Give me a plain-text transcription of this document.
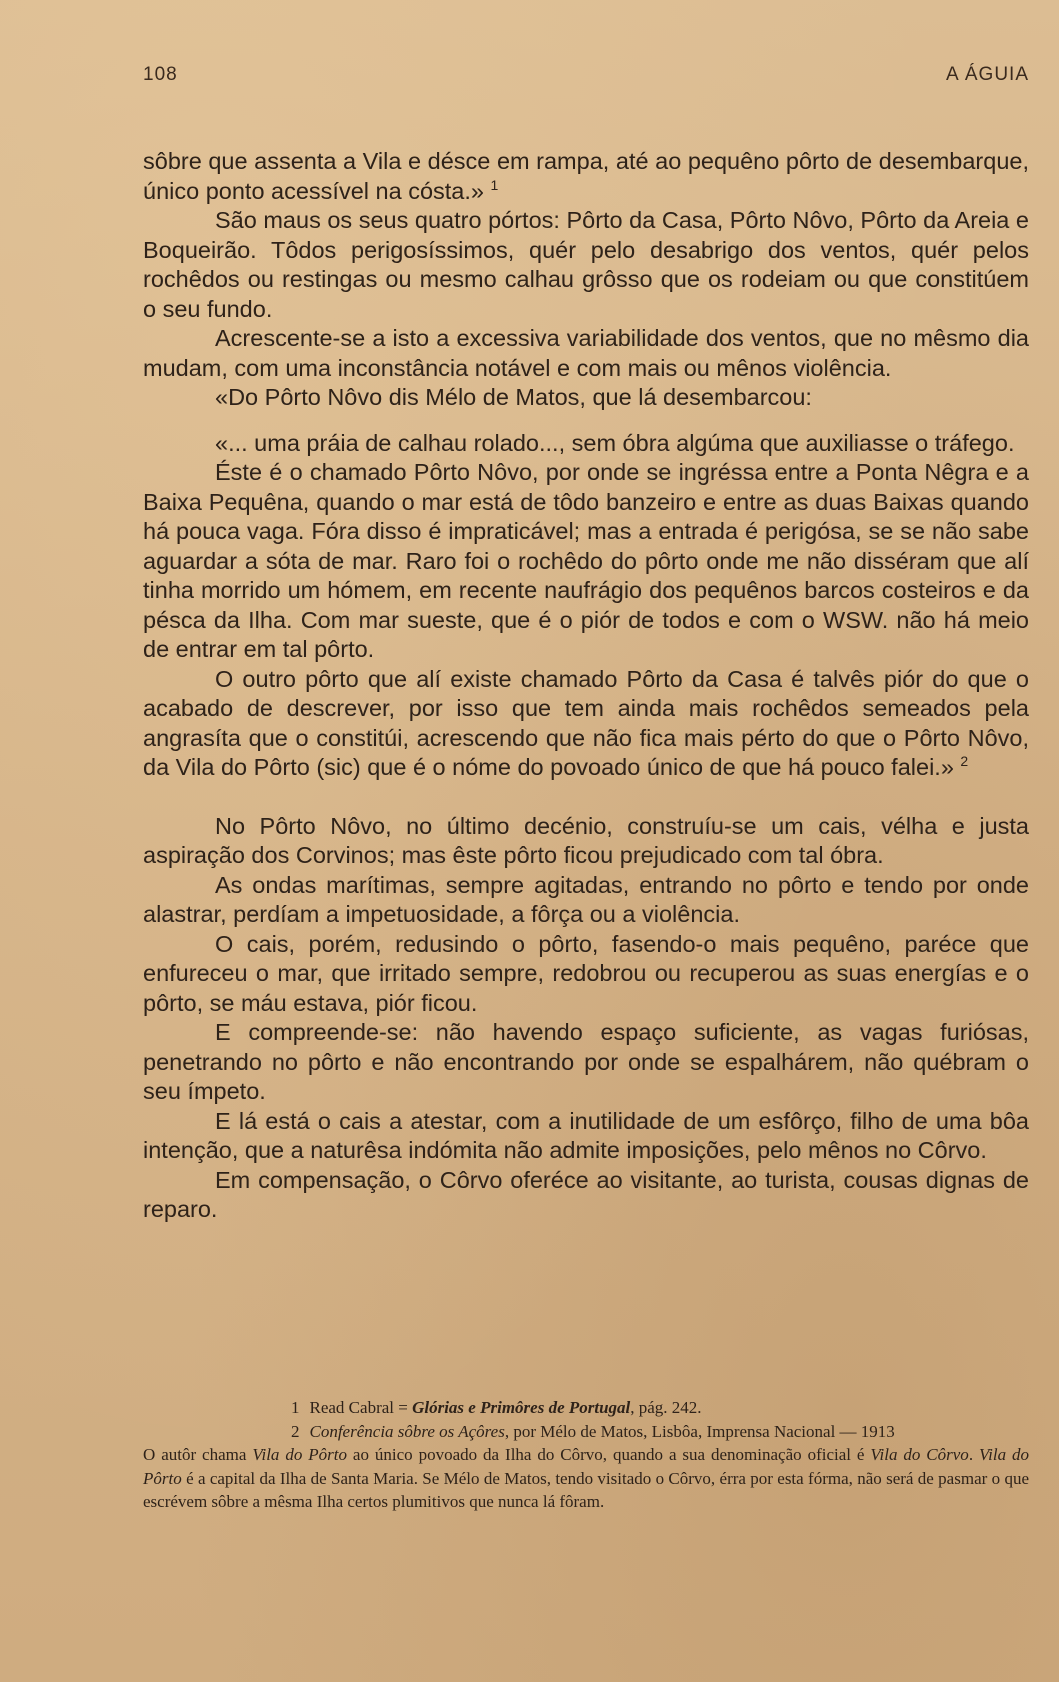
108	A ÁGUIA

sôbre que assenta a Vila e désce em rampa, até ao pequêno pôrto de desembarque, único ponto acessível na cósta.» $^1$

São maus os seus quatro pórtos: Pôrto da Casa, Pôrto Nôvo, Pôrto da Areia e Boqueirão. Tôdos perigosíssimos, quér pelo desabrigo dos ventos, quér pelos rochêdos ou restingas ou mesmo calhau grôsso que os rodeiam ou que constitúem o seu fundo.

Acrescente-se a isto a excessiva variabilidade dos ventos, que no mêsmo dia mudam, com uma inconstância notável e com mais ou mênos violência.

«Do Pôrto Nôvo dis Mélo de Matos, que lá desembarcou:

«... uma práia de calhau rolado..., sem óbra algúma que auxiliasse o tráfego.

Éste é o chamado Pôrto Nôvo, por onde se ingréssa entre a Ponta Nêgra e a Baixa Pequêna, quando o mar está de tôdo banzeiro e entre as duas Baixas quando há pouca vaga. Fóra disso é impraticável; mas a entrada é perigósa, se se não sabe aguardar a sóta de mar. Raro foi o rochêdo do pôrto onde me não disséram que alí tinha morrido um hómem, em recente naufrágio dos pequênos barcos costeiros e da pésca da Ilha. Com mar sueste, que é o piór de todos e com o WSW. não há meio de entrar em tal pôrto.

O outro pôrto que alí existe chamado Pôrto da Casa é talvês piór do que o acabado de descrever, por isso que tem ainda mais rochêdos semeados pela angrasíta que o constitúi, acrescendo que não fica mais pérto do que o Pôrto Nôvo, da Vila do Pôrto (sic) que é o nóme do povoado único de que há pouco falei.» $^2$

No Pôrto Nôvo, no último decénio, construíu-se um cais, vélha e justa aspiração dos Corvinos; mas êste pôrto ficou prejudicado com tal óbra.

As ondas marítimas, sempre agitadas, entrando no pôrto e tendo por onde alastrar, perdíam a impetuosidade, a fôrça ou a violência.

O cais, porém, redusindo o pôrto, fasendo-o mais pequêno, paréce que enfureceu o mar, que irritado sempre, redobrou ou recuperou as suas energías e o pôrto, se máu estava, piór ficou.

E compreende-se: não havendo espaço suficiente, as vagas furiósas, penetrando no pôrto e não encontrando por onde se espalhárem, não québram o seu ímpeto.

E lá está o cais a atestar, com a inutilidade de um esfôrço, filho de uma bôa intenção, que a naturêsa indómita não admite imposições, pelo mênos no Côrvo.

Em compensação, o Côrvo oferéce ao visitante, ao turista, cousas dignas de reparo.

1 Read Cabral = Glórias e Primôres de Portugal, pág. 242.

2 Conferência sôbre os Açôres, por Mélo de Matos, Lisbôa, Imprensa Nacional — 1913

O autôr chama Vila do Pôrto ao único povoado da Ilha do Côrvo, quando a sua denominação oficial é Vila do Côrvo. Vila do Pôrto é a capital da Ilha de Santa Maria. Se Mélo de Matos, tendo visitado o Côrvo, érra por esta fórma, não será de pasmar o que escrévem sôbre a mêsma Ilha certos plumitivos que nunca lá fôram.
